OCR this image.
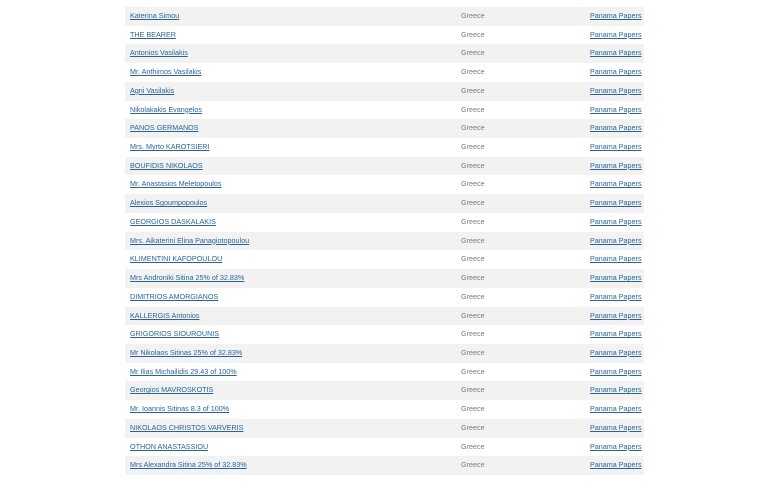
Katerina Simou	Greece	Panama Papers
THE BEARER	Greece	Panama Papers
Antonios Vasilakis	Greece	Panama Papers
Mr. Anthimos Vasilakis	Greece	Panama Papers
Agni Vasilakis	Greece	Panama Papers
Nikolakakis Evangelos	Greece	Panama Papers
PANOS GERMANOS	Greece	Panama Papers
Mrs. Myrto KAROTSIERI	Greece	Panama Papers
BOUFIDIS NIKOLAOS	Greece	Panama Papers
Mr. Anastasios Meletopoulos	Greece	Panama Papers
Alexios Sgoumpopoulos	Greece	Panama Papers
GEORGIOS DASKALAKIS	Greece	Panama Papers
Mrs. Aikaterini Elina Panagiotopoulou	Greece	Panama Papers
KLIMENTINI KAFOPOULOU	Greece	Panama Papers
Mrs Androniki Sitina 25% of 32.83%	Greece	Panama Papers
DIMITRIOS AMORGIANOS	Greece	Panama Papers
KALLERGIS Antonios	Greece	Panama Papers
GRIGORIOS SIOUROUNIS	Greece	Panama Papers
Mr Nikolaos Sitinas 25% of 32.83%	Greece	Panama Papers
Mr Ilias Michailidis 29.43 of 100%	Greece	Panama Papers
Georgios MAVROSKOTIS	Greece	Panama Papers
Mr. Ioannis Sitinas 8.3 of 100%	Greece	Panama Papers
NIKOLAOS CHRISTOS VARVERIS	Greece	Panama Papers
OTHON ANASTASSIOU	Greece	Panama Papers
Mrs Alexandra Sitina 25% of 32.83%	Greece	Panama Papers
